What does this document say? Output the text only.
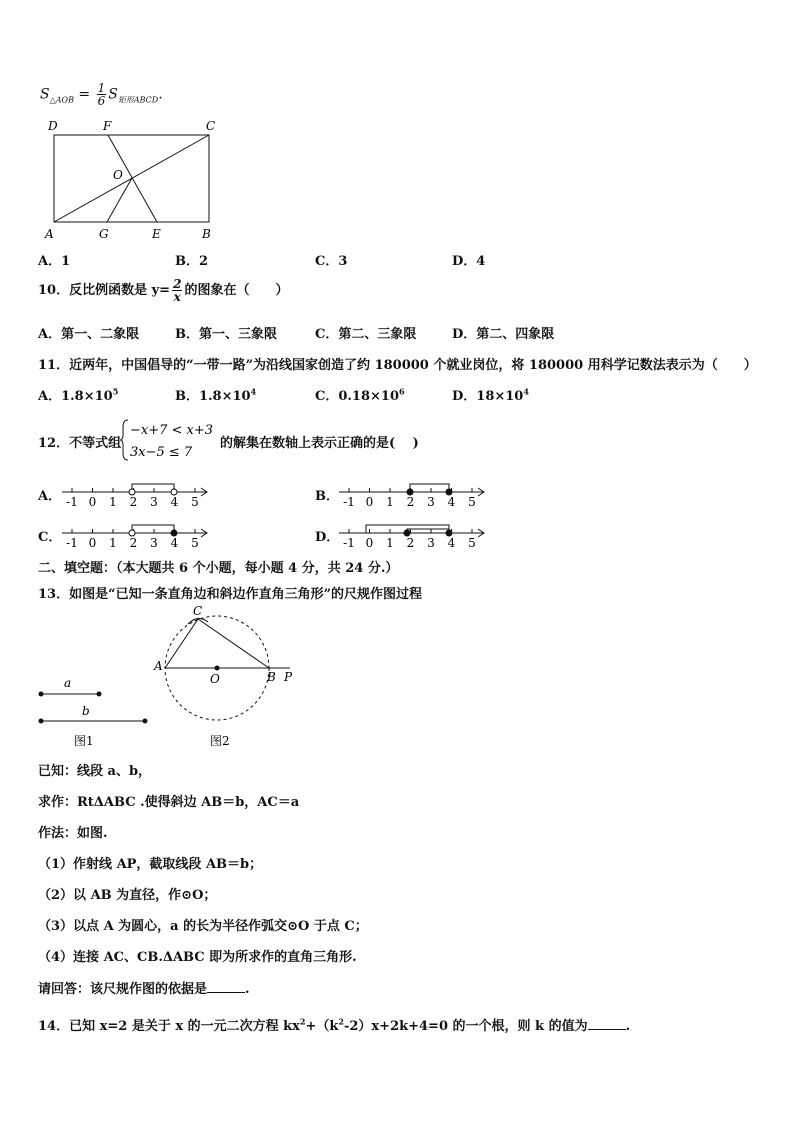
$S_{\triangle AOB} = \frac{1}{6} S_{矩形ABCD}$.
D	F	C
O
A	G	E	B
A．1	B．2	C．3	D．4
10．反比例函数是 $y= \frac{2}{x}$ 的图象在（　　）
A．第一、二象限	B．第一、三象限	C．第二、三象限	D．第二、四象限
11．近两年，中国倡导的“一带一路”为沿线国家创造了约 180000 个就业岗位，将 180000 用科学记数法表示为（　　）
A．$1.8\times 10^5$	B．$1.8\times 10^4$	C．$0.18\times 10^6$	D．$18\times 10^4$
12．不等式组
−x+7 < x+3
3x−5 ≤ 7
的解集在数轴上表示正确的是(　 )
A．	B．
C．	D．
-1 0 1 2 3 4 5	-1 0 1 2 3 4 5
-1 0 1 2 3 4 5	-1 0 1 2 3 4 5
二、填空题：（本大题共 6 个小题，每小题 4 分，共 24 分.）
13．如图是“已知一条直角边和斜边作直角三角形”的尺规作图过程
a
b
图1
C
A
O	B P
图2
已知：线段 a、b，
求作：RtΔABC .使得斜边 AB＝b，AC＝a
作法：如图.
（1）作射线 AP，截取线段 AB＝b；
（2）以 AB 为直径，作⊙O；
（3）以点 A 为圆心，a 的长为半径作弧交⊙O 于点 C；
（4）连接 AC、CB.ΔABC 即为所求作的直角三角形.
请回答：该尺规作图的依据是	.
14．已知 x=2 是关于 x 的一元二次方程 $kx^2+(k^2-2)x+2k+4=0$ 的一个根，则 k 的值为	.
